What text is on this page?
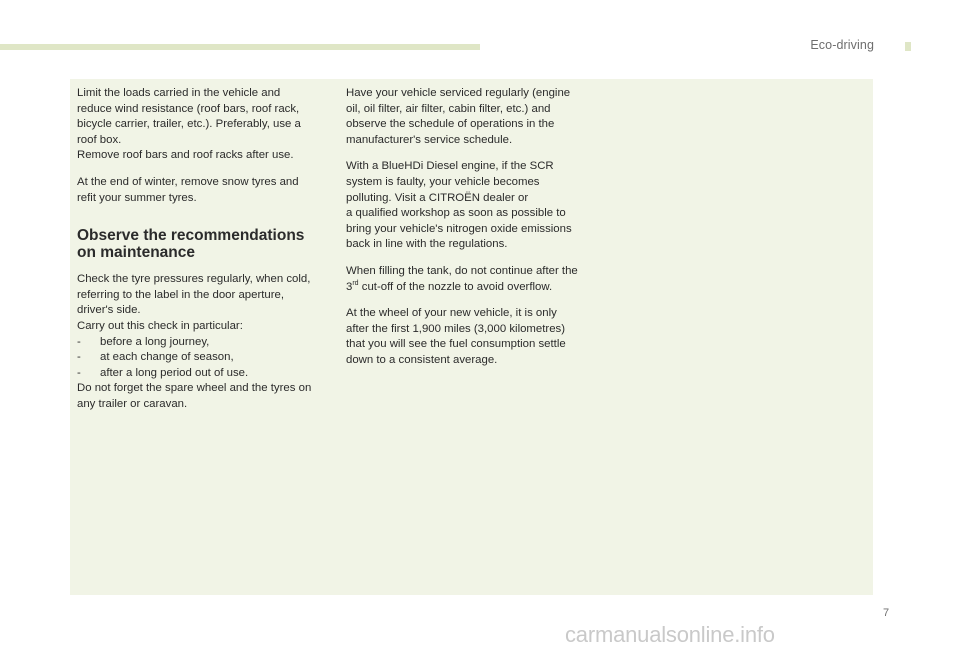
Eco-driving

Limit the loads carried in the vehicle and
reduce wind resistance (roof bars, roof rack,
bicycle carrier, trailer, etc.). Preferably, use a
roof box.
Remove roof bars and roof racks after use.

At the end of winter, remove snow tyres and
refit your summer tyres.

Observe the recommendations
on maintenance

Check the tyre pressures regularly, when cold,
referring to the label in the door aperture,
driver's side.
Carry out this check in particular:
- before a long journey,
- at each change of season,
- after a long period out of use.
Do not forget the spare wheel and the tyres on
any trailer or caravan.

Have your vehicle serviced regularly (engine
oil, oil filter, air filter, cabin filter, etc.) and
observe the schedule of operations in the
manufacturer's service schedule.

With a BlueHDi Diesel engine, if the SCR
system is faulty, your vehicle becomes
polluting. Visit a CITROËN dealer or
a qualified workshop as soon as possible to
bring your vehicle's nitrogen oxide emissions
back in line with the regulations.

When filling the tank, do not continue after the
3rd cut-off of the nozzle to avoid overflow.

At the wheel of your new vehicle, it is only
after the first 1,900 miles (3,000 kilometres)
that you will see the fuel consumption settle
down to a consistent average.

7
carmanualsonline.info
